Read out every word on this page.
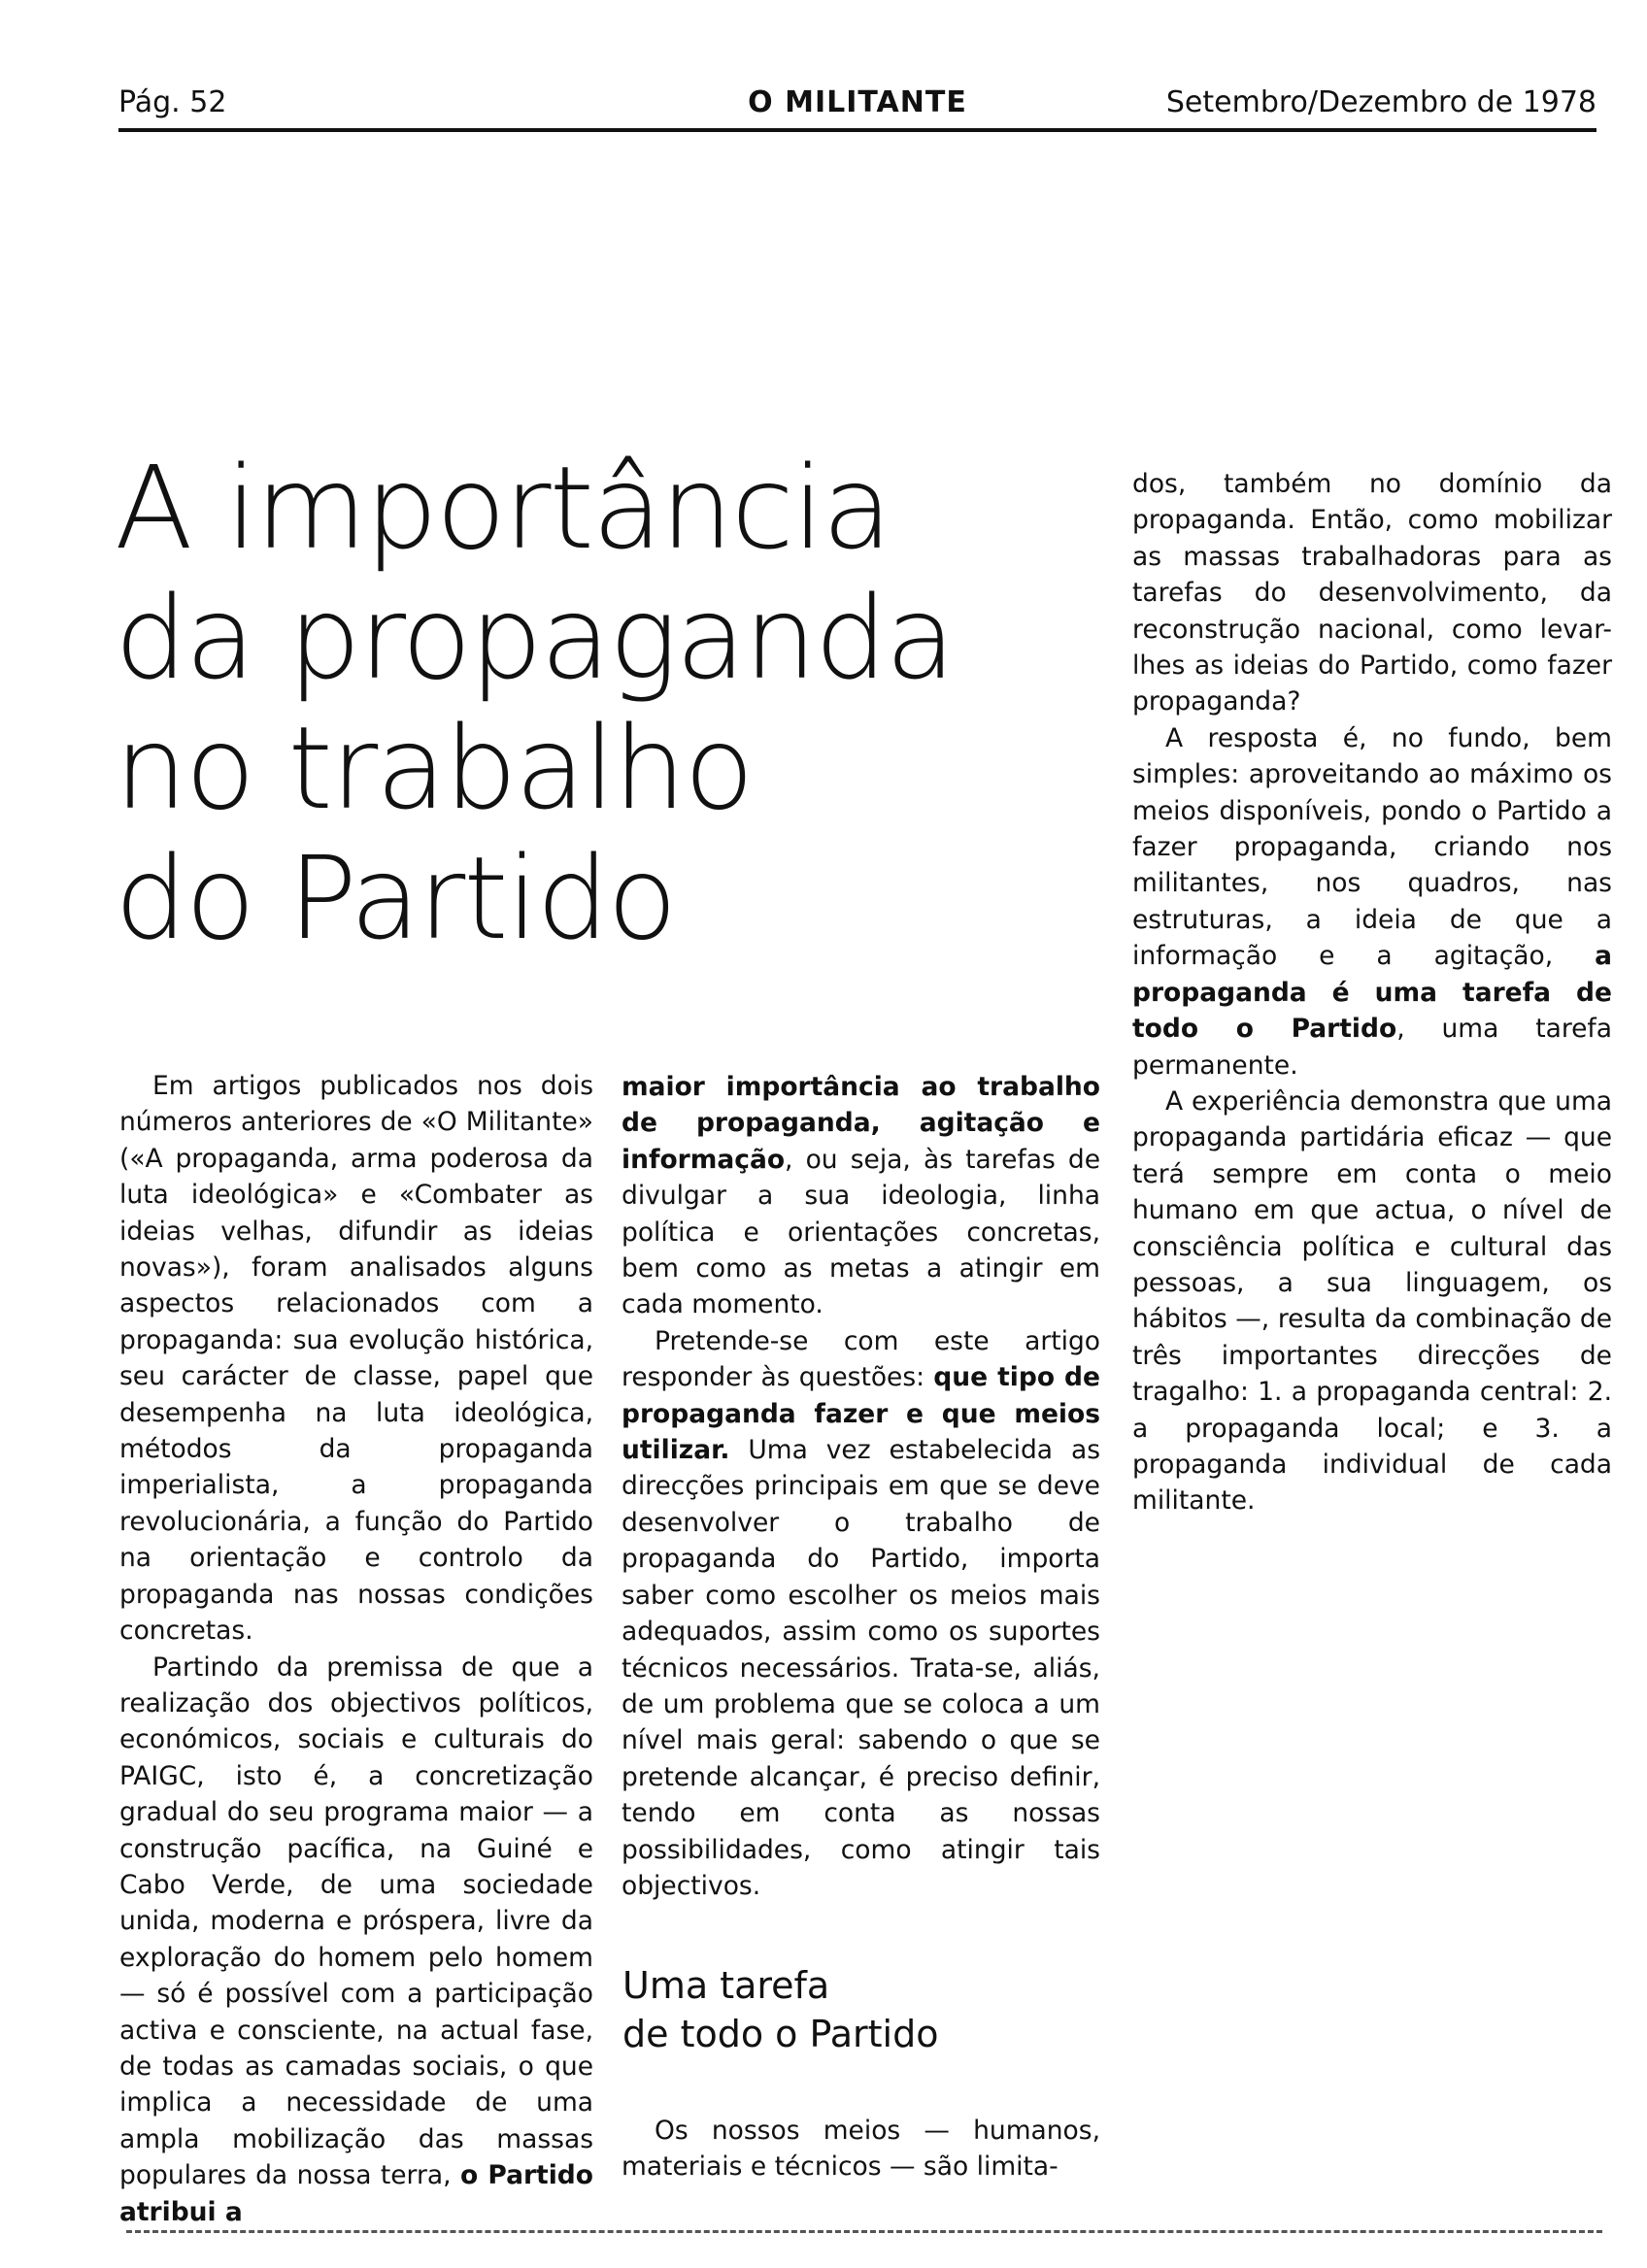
Pág. 52	O MILITANTE	Setembro/Dezembro de 1978
A importância
da propaganda
no trabalho
do Partido

Em artigos publicados nos dois números anteriores de «O Militante» («A propaganda, arma poderosa da luta ideológica» e «Combater as ideias velhas, difundir as ideias novas»), foram analisados alguns aspectos relacionados com a propaganda: sua evolução histórica, seu carácter de classe, papel que desempenha na luta ideológica, métodos da propaganda imperialista, a propaganda revolucionária, a função do Partido na orientação e controlo da propaganda nas nossas condições concretas.

Partindo da premissa de que a realização dos objectivos políticos, económicos, sociais e culturais do PAIGC, isto é, a concretização gradual do seu programa maior — a construção pacífica, na Guiné e Cabo Verde, de uma sociedade unida, moderna e próspera, livre da exploração do homem pelo homem — só é possível com a participação activa e consciente, na actual fase, de todas as camadas sociais, o que implica a necessidade de uma ampla mobilização das massas populares da nossa terra, o Partido atribui a

maior importância ao trabalho de propaganda, agitação e informação, ou seja, às tarefas de divulgar a sua ideologia, linha política e orientações concretas, bem como as metas a atingir em cada momento.

Pretende-se com este artigo responder às questões: que tipo de propaganda fazer e que meios utilizar. Uma vez estabelecida as direcções principais em que se deve desenvolver o trabalho de propaganda do Partido, importa saber como escolher os meios mais adequados, assim como os suportes técnicos necessários. Trata-se, aliás, de um problema que se coloca a um nível mais geral: sabendo o que se pretende alcançar, é preciso definir, tendo em conta as nossas possibilidades, como atingir tais objectivos.

Uma tarefa
de todo o Partido

Os nossos meios — humanos, materiais e técnicos — são limita-

dos, também no domínio da propaganda. Então, como mobilizar as massas trabalhadoras para as tarefas do desenvolvimento, da reconstrução nacional, como levar-lhes as ideias do Partido, como fazer propaganda?

A resposta é, no fundo, bem simples: aproveitando ao máximo os meios disponíveis, pondo o Partido a fazer propaganda, criando nos militantes, nos quadros, nas estruturas, a ideia de que a informação e a agitação, a propaganda é uma tarefa de todo o Partido, uma tarefa permanente.

A experiência demonstra que uma propaganda partidária eficaz — que terá sempre em conta o meio humano em que actua, o nível de consciência política e cultural das pessoas, a sua linguagem, os hábitos —, resulta da combinação de três importantes direcções de tragalho: 1. a propaganda central: 2. a propaganda local; e 3. a propaganda individual de cada militante.
